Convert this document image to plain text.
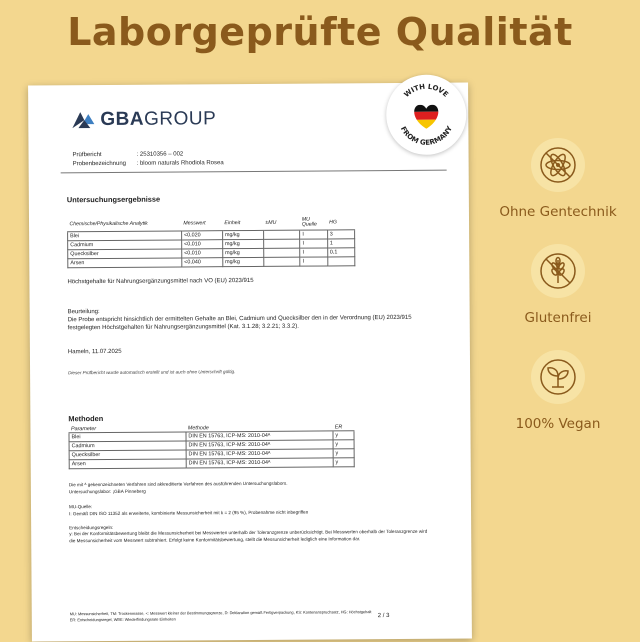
Laborgeprüfte Qualität
GBAGROUP
WITH LOVE
FROM GERMANY
Prüfbericht	: 25310356 – 002
Probenbezeichnung	: bloom naturals Rhodiola Rosea
Untersuchungsergebnisse
Chemische/Physikalische Analytik	Messwert	Einheit	±MU	MU Quelle	HG
Blei	<0,020	mg/kg		I	3
Cadmium	<0,010	mg/kg		I	1
Quecksilber	<0,010	mg/kg		I	0,1
Arsen	<0,040	mg/kg		I	
Höchstgehalte für Nahrungsergänzungsmittel nach VO (EU) 2023/915
Beurteilung:
Die Probe entspricht hinsichtlich der ermittelten Gehalte an Blei, Cadmium und Quecksilber den in der Verordnung (EU) 2023/915 festgelegten Höchstgehalten für Nahrungsergänzungsmittel (Kat. 3.1.28; 3.2.21; 3.3.2).
Hameln, 11.07.2025
Dieser Prüfbericht wurde automatisch erstellt und ist auch ohne Unterschrift gültig.
Methoden
Parameter	Methode	ER
Blei	DIN EN 15763, ICP-MS: 2010-04ᴬ	y
Cadmium	DIN EN 15763, ICP-MS: 2010-04ᴬ	y
Quecksilber	DIN EN 15763, ICP-MS: 2010-04ᴬ	y
Arsen	DIN EN 15763, ICP-MS: 2010-04ᴬ	y
Die mit ᴬ gekennzeichneten Verfahren sind akkreditierte Verfahren des ausführenden Untersuchungslabors.
Untersuchungslabor: ¡GBA Pinneberg
MU-Quelle:
I: Gemäß DIN ISO 11352 als erweiterte, kombinierte Messunsicherheit mit k = 2 (95 %), Probenahme nicht inbegriffen
Entscheidungsregeln:
y: Bei der Konformitätsbewertung bleibt die Messunsicherheit bei Messwerten unterhalb der Toleranzgrenze unberücksichtigt. Bei Messwerten oberhalb der Toleranzgrenze wird die Messunsicherheit vom Messwert subtrahiert. Erfolgt keine Konformitätsbewertung, stellt die Messunsicherheit lediglich eine Information dar.
MU: Messunsicherheit, TM: Trockenmasse, <: Messwert kleiner der Bestimmungsgrenze, D: Deklaration gemäß Fertigverpackung, KS: Kontenanspruchsatz, HG: Höchstgehalt
ER: Entscheidungsregel, WBE: Wiederfindungsrate Einheiten
2 / 3
Ohne Gentechnik
Glutenfrei
100% Vegan
